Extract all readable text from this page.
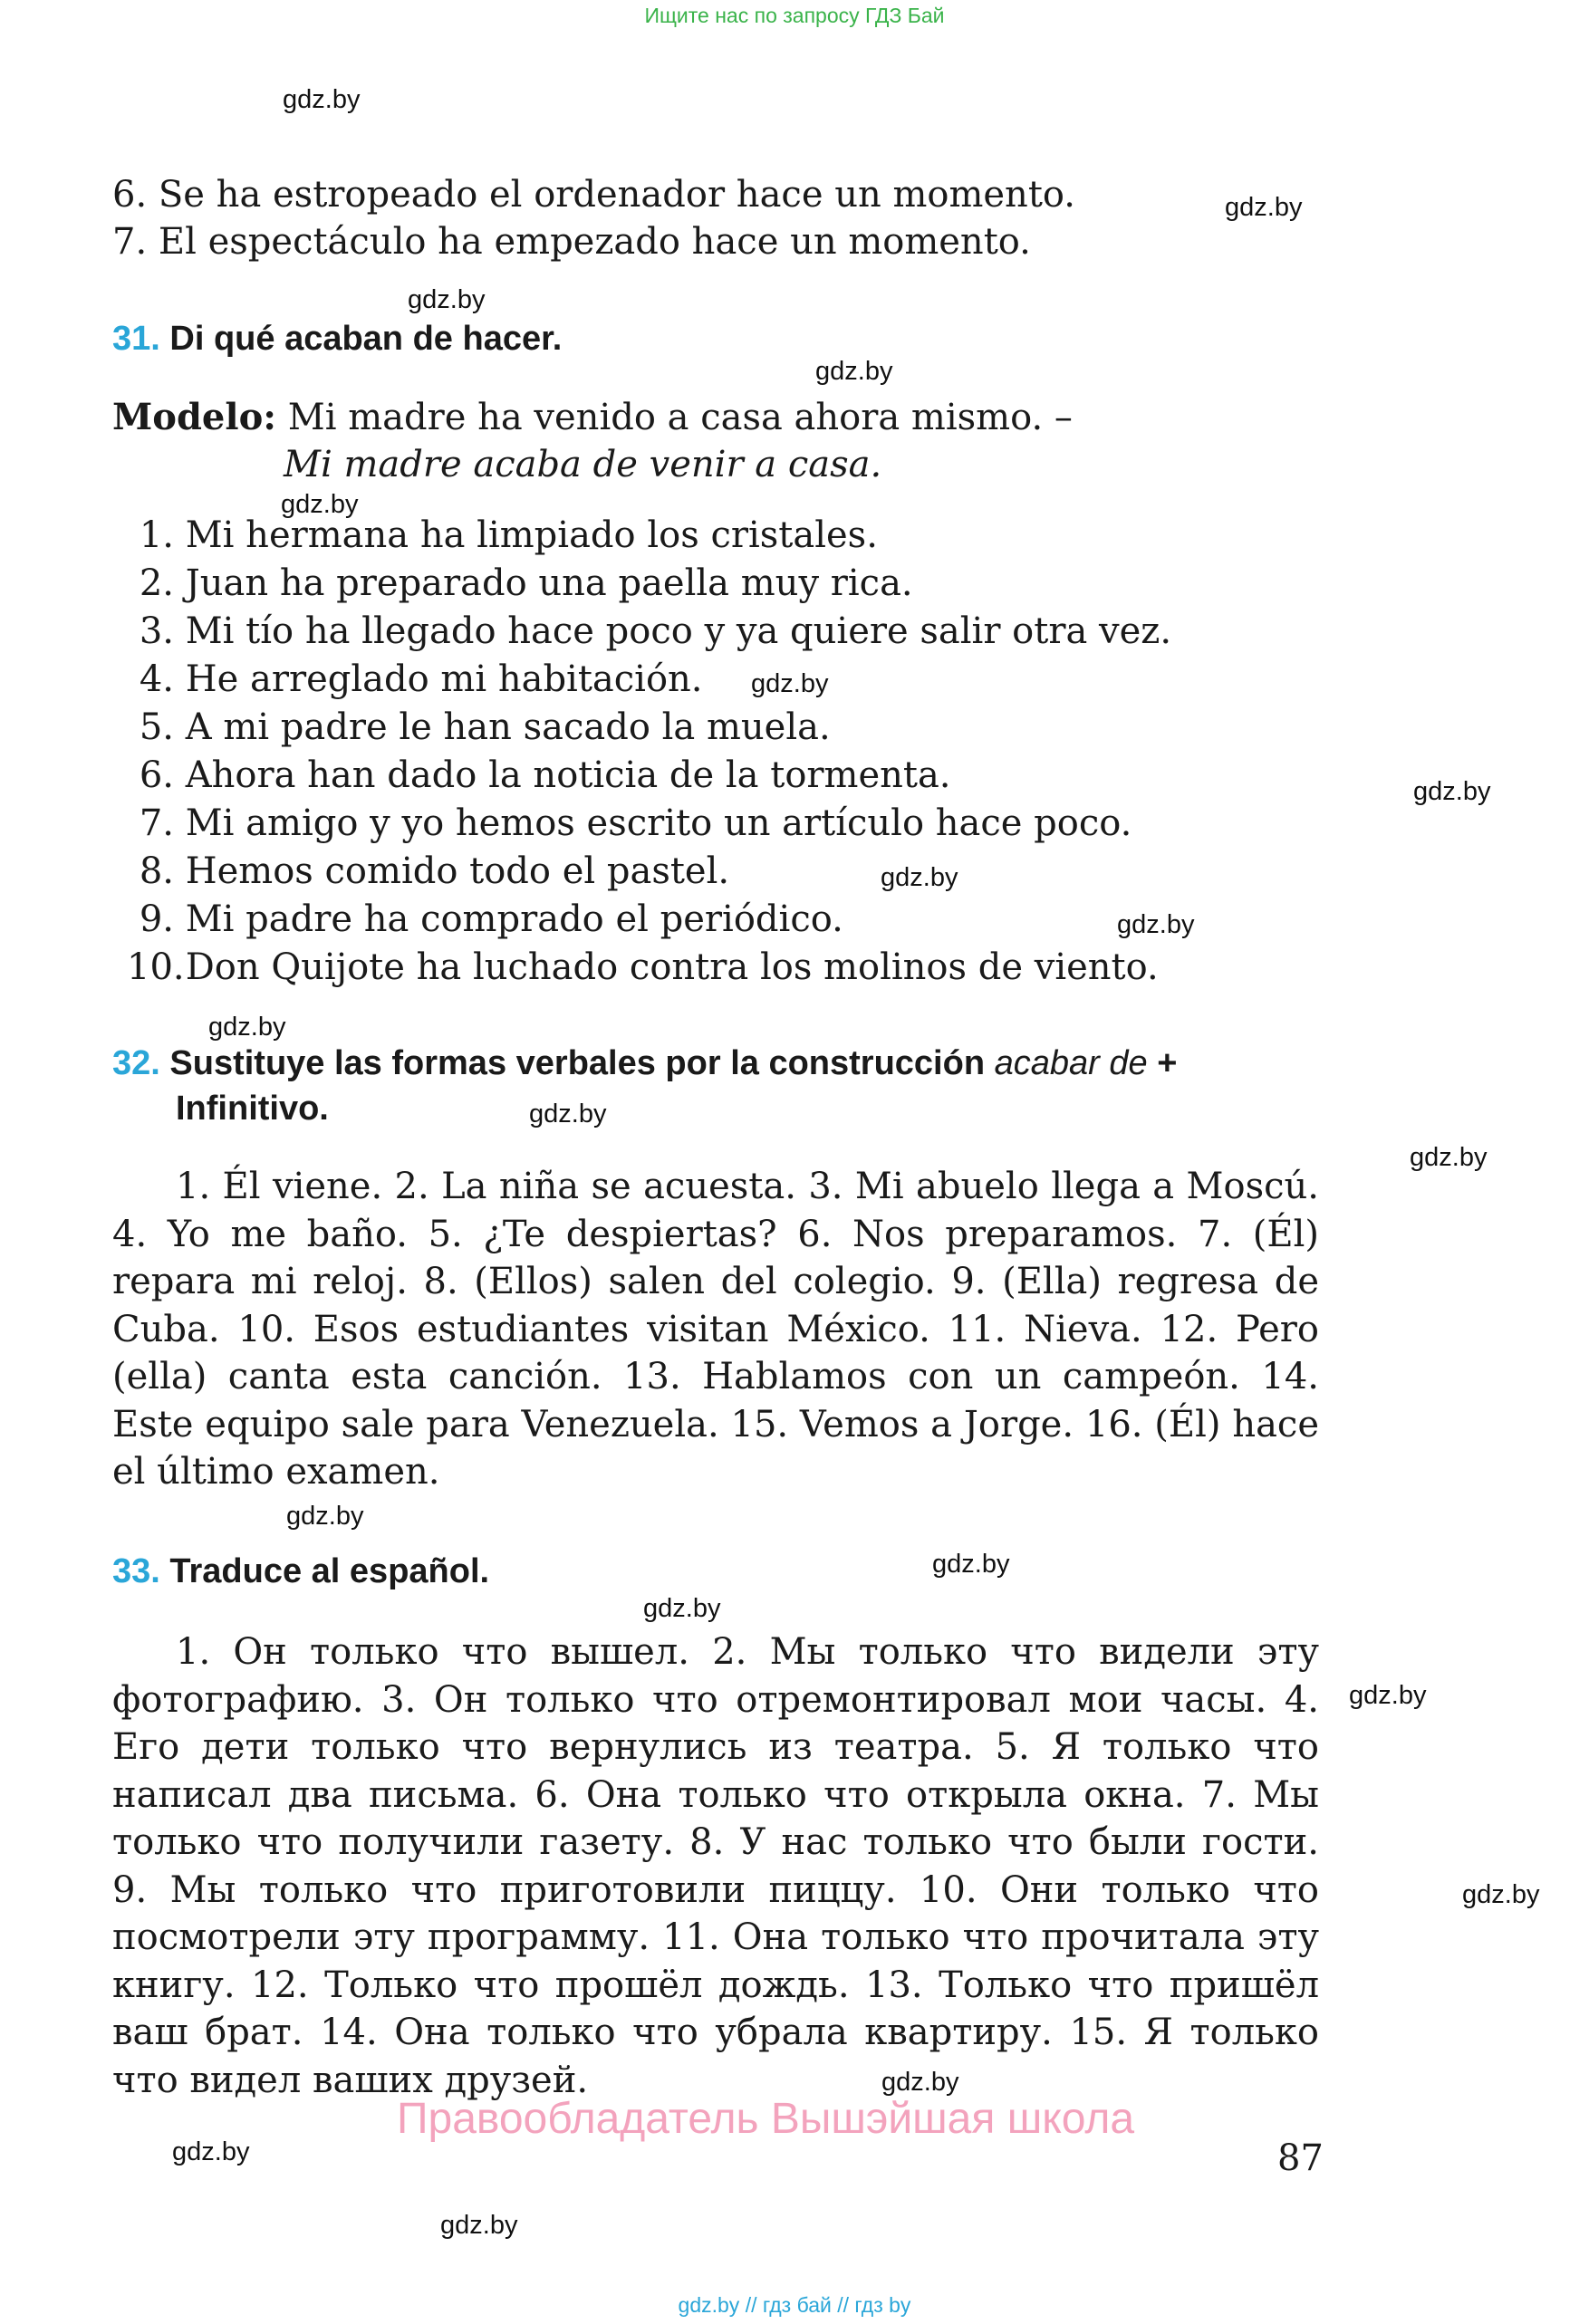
Ищите нас по запросу ГДЗ Бай
gdz.by
gdz.by
gdz.by
gdz.by
gdz.by
gdz.by
gdz.by
gdz.by
gdz.by
gdz.by
gdz.by
gdz.by
gdz.by
gdz.by
gdz.by
gdz.by
gdz.by
gdz.by
gdz.by
gdz.by
6. Se ha estropeado el ordenador hace un momento.
7. El espectáculo ha empezado hace un momento.
31. Di qué acaban de hacer.
Modelo: Mi madre ha venido a casa ahora mismo. –
Mi madre acaba de venir a casa.
1. Mi hermana ha limpiado los cristales.
2. Juan ha preparado una paella muy rica.
3. Mi tío ha llegado hace poco y ya quiere salir otra vez.
4. He arreglado mi habitación.
5. A mi padre le han sacado la muela.
6. Ahora han dado la noticia de la tormenta.
7. Mi amigo y yo hemos escrito un artículo hace poco.
8. Hemos comido todo el pastel.
9. Mi padre ha comprado el periódico.
10. Don Quijote ha luchado contra los molinos de viento.
32. Sustituye las formas verbales por la construcción acabar de +
Infinitivo.

1. Él viene. 2. La niña se acuesta. 3. Mi abuelo llega a Moscú. 4. Yo me baño. 5. ¿Te despiertas? 6. Nos preparamos. 7. (Él) repara mi reloj. 8. (Ellos) salen del colegio. 9. (Ella) regresa de Cuba. 10. Esos estudiantes visitan México. 11. Nieva. 12. Pero (ella) canta esta canción. 13. Hablamos con un campeón. 14. Este equipo sale para Venezuela. 15. Vemos a Jorge. 16. (Él) hace el último examen.

33. Traduce al español.

1. Он только что вышел. 2. Мы только что видели эту фотографию. 3. Он только что отремонтировал мои часы. 4. Его дети только что вернулись из театра. 5. Я только что написал два письма. 6. Она только что открыла окна. 7. Мы только что получили газету. 8. У нас только что были гости. 9. Мы только что приготовили пиццу. 10. Они только что посмотрели эту программу. 11. Она только что прочитала эту книгу. 12. Только что прошёл дождь. 13. Только что пришёл ваш брат. 14. Она только что убрала квартиру. 15. Я только что видел ваших друзей.

Правообладатель Вышэйшая школа
87
gdz.by // гдз бай // гдз by
